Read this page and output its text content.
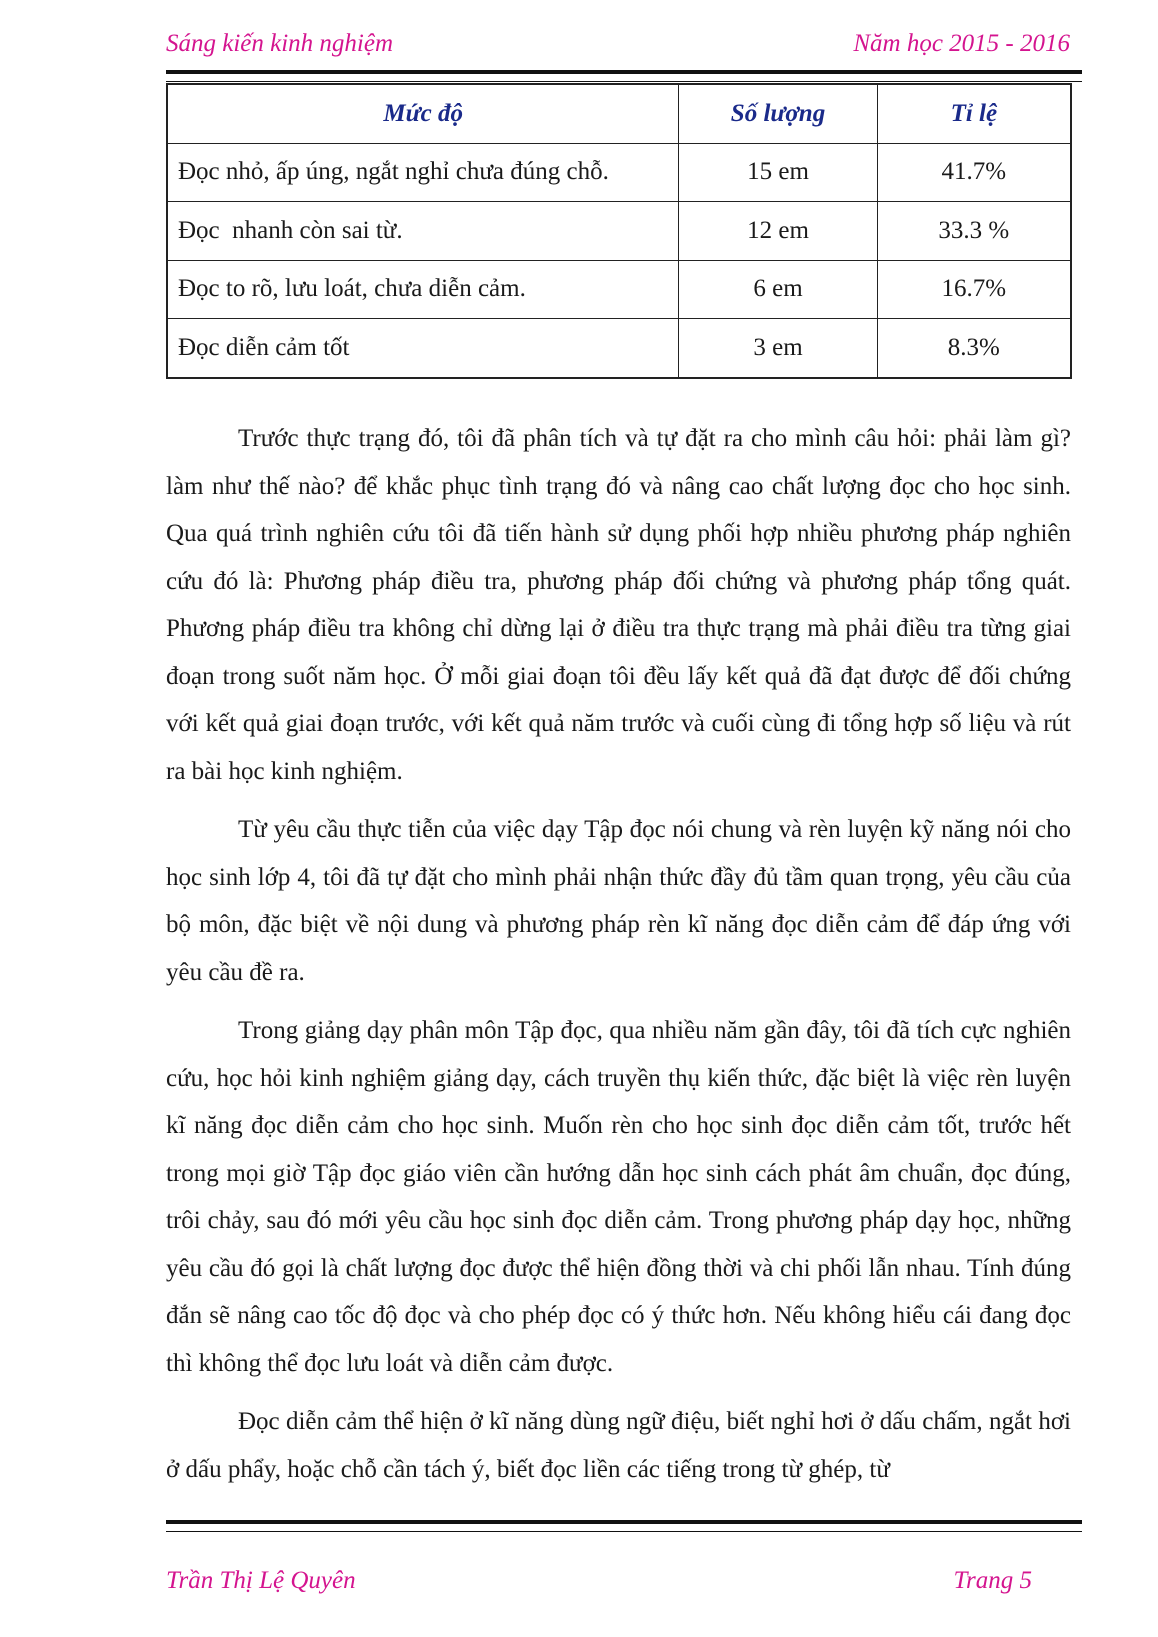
Sáng kiến kinh nghiệm	Năm học 2015 - 2016
Mức độ	Số lượng	Tỉ lệ
Đọc nhỏ, ấp úng, ngắt nghỉ chưa đúng chỗ.	15 em	41.7%
Đọc  nhanh còn sai từ.	12 em	33.3 %
Đọc to rõ, lưu loát, chưa diễn cảm.	6 em	16.7%
Đọc diễn cảm tốt	3 em	8.3%

Trước thực trạng đó, tôi đã phân tích và tự đặt ra cho mình câu hỏi: phải làm gì? làm như thế nào? để khắc phục tình trạng đó và nâng cao chất lượng đọc cho học sinh. Qua quá trình nghiên cứu tôi đã tiến hành sử dụng phối hợp nhiều phương pháp nghiên cứu đó là: Phương pháp điều tra, phương pháp đối chứng và phương pháp tổng quát. Phương pháp điều tra không chỉ dừng lại ở điều tra thực trạng mà phải điều tra từng giai đoạn trong suốt năm học. Ở mỗi giai đoạn tôi đều lấy kết quả đã đạt được để đối chứng với kết quả giai đoạn trước, với kết quả năm trước và cuối cùng đi tổng hợp số liệu và rút ra bài học kinh nghiệm.

Từ yêu cầu thực tiễn của việc dạy Tập đọc nói chung và rèn luyện kỹ năng nói cho học sinh lớp 4, tôi đã tự đặt cho mình phải nhận thức đầy đủ tầm quan trọng, yêu cầu của bộ môn, đặc biệt về nội dung và phương pháp rèn kĩ năng đọc diễn cảm để đáp ứng với yêu cầu đề ra.

Trong giảng dạy phân môn Tập đọc, qua nhiều năm gần đây, tôi đã tích cực nghiên cứu, học hỏi kinh nghiệm giảng dạy, cách truyền thụ kiến thức, đặc biệt là việc rèn luyện kĩ năng đọc diễn cảm cho học sinh. Muốn rèn cho học sinh đọc diễn cảm tốt, trước hết trong mọi giờ Tập đọc giáo viên cần hướng dẫn học sinh cách phát âm chuẩn, đọc đúng, trôi chảy, sau đó mới yêu cầu học sinh đọc diễn cảm. Trong phương pháp dạy học, những yêu cầu đó gọi là chất lượng đọc được thể hiện đồng thời và chi phối lẫn nhau. Tính đúng đắn sẽ nâng cao tốc độ đọc và cho phép đọc có ý thức hơn. Nếu không hiểu cái đang đọc thì không thể đọc lưu loát và diễn cảm được.

Đọc diễn cảm thể hiện ở kĩ năng dùng ngữ điệu, biết nghỉ hơi ở dấu chấm, ngắt hơi ở dấu phẩy, hoặc chỗ cần tách ý, biết đọc liền các tiếng trong từ ghép, từ

Trần Thị Lệ Quyên	Trang 5
